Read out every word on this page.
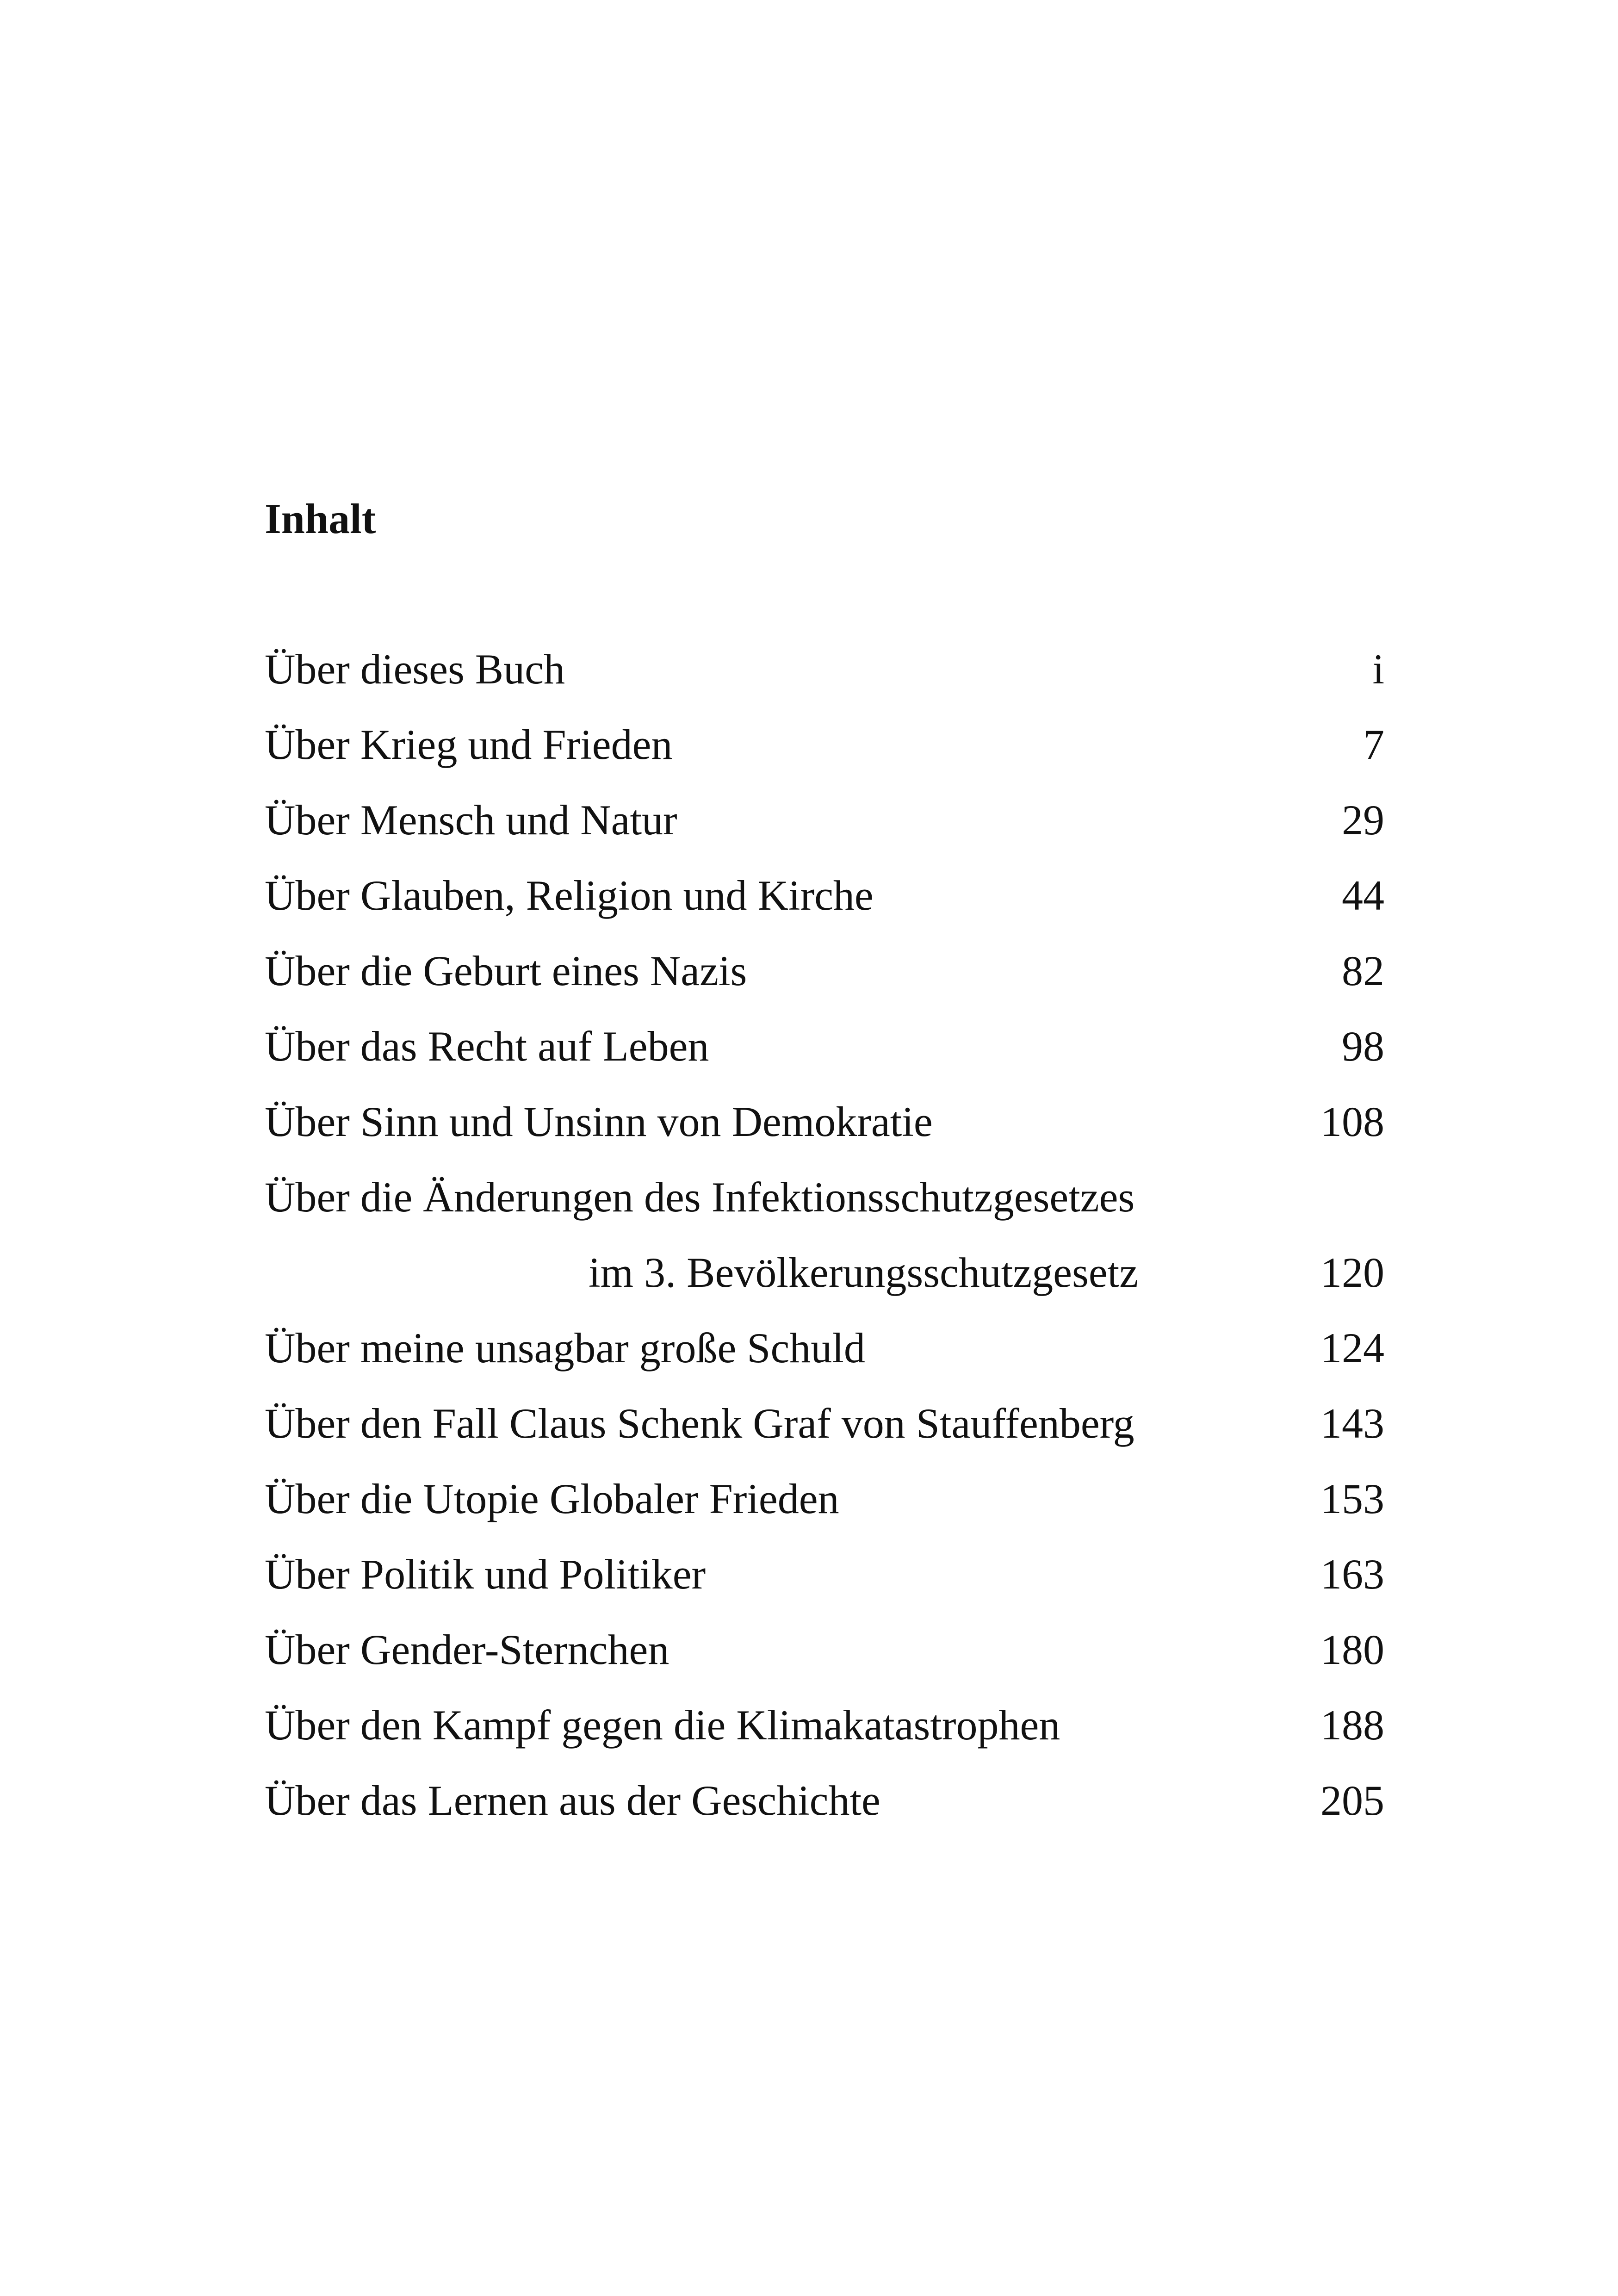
Inhalt
Über dieses Buch	i
Über Krieg und Frieden	7
Über Mensch und Natur	29
Über Glauben, Religion und Kirche	44
Über die Geburt eines Nazis	82
Über das Recht auf Leben	98
Über Sinn und Unsinn von Demokratie	108
Über die Änderungen des Infektionsschutzgesetzes
im 3. Bevölkerungsschutzgesetz	120
Über meine unsagbar große Schuld	124
Über den Fall Claus Schenk Graf von Stauffenberg	143
Über die Utopie Globaler Frieden	153
Über Politik und Politiker	163
Über Gender-Sternchen	180
Über den Kampf gegen die Klimakatastrophen	188
Über das Lernen aus der Geschichte	205
